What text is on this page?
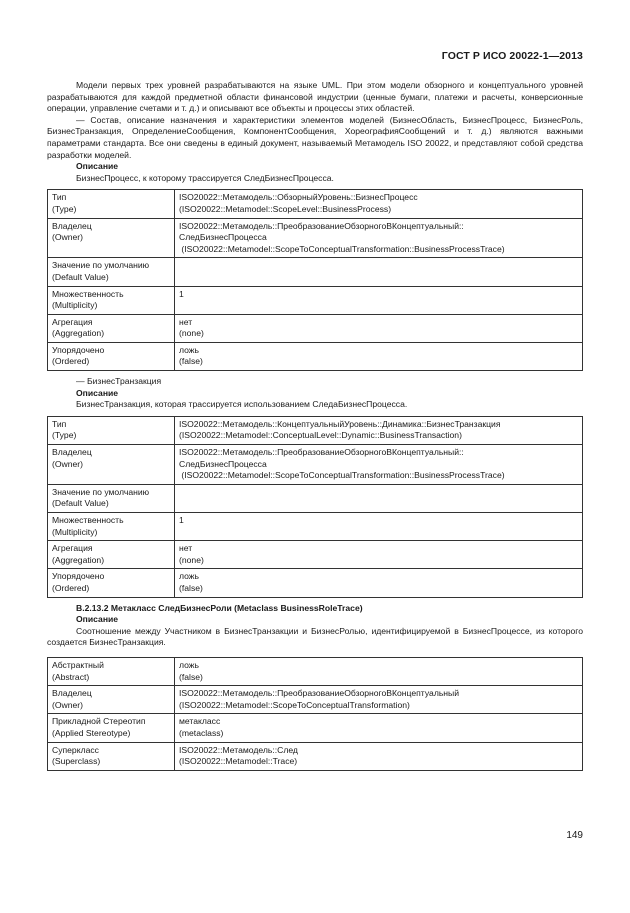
ГОСТ Р ИСО 20022-1—2013

Модели первых трех уровней разрабатываются на языке UML. При этом модели обзорного и концептуального уровней разрабатываются для каждой предметной области финансовой индустрии (ценные бумаги, платежи и расчеты, конверсионные операции, управление счетами и т. д.) и описывают все объекты и процессы этих областей.

— Состав, описание назначения и характеристики элементов моделей (БизнесОбласть, БизнесПроцесс, БизнесРоль, БизнесТранзакция, ОпределениеСообщения, КомпонентСообщения, ХореографияСообщений и т. д.) являются важными параметрами стандарта. Все они сведены в единый документ, называемый Метамодель ISO 20022, и представляют собой средства разработки моделей.

Описание

БизнесПроцесс, к которому трассируется СледБизнесПроцесса.

Тип
(Type)	ISO20022::Метамодель::ОбзорныйУровень::БизнесПроцесс
(ISO20022::Metamodel::ScopeLevel::BusinessProcess)

Владелец
(Owner)	ISO20022::Метамодель::ПреобразованиеОбзорногоВКонцептуальный::
СледБизнесПроцесса
(ISO20022::Metamodel::ScopeToConceptualTransformation::BusinessProcessTrace)

Значение по умолчанию
(Default Value)	

Множественность
(Multiplicity)	1

Агрегация
(Aggregation)	нет
(none)

Упорядочено
(Ordered)	ложь
(false)

— БизнесТранзакция

Описание

БизнесТранзакция, которая трассируется использованием СледаБизнесПроцесса.

Тип
(Type)	ISO20022::Метамодель::КонцептуальныйУровень::Динамика::БизнесТранзакция
(ISO20022::Metamodel::ConceptualLevel::Dynamic::BusinessTransaction)

Владелец
(Owner)	ISO20022::Метамодель::ПреобразованиеОбзорногоВКонцептуальный::
СледБизнесПроцесса
(ISO20022::Metamodel::ScopeToConceptualTransformation::BusinessProcessTrace)

Значение по умолчанию
(Default Value)	

Множественность
(Multiplicity)	1

Агрегация
(Aggregation)	нет
(none)

Упорядочено
(Ordered)	ложь
(false)

В.2.13.2 Метакласс СледБизнесРоли (Metaclass BusinessRoleTrace)

Описание

Соотношение между Участником в БизнесТранзакции и БизнесРолью, идентифицируемой в БизнесПроцессе, из которого создается БизнесТранзакция.

Абстрактный
(Abstract)	ложь
(false)

Владелец
(Owner)	ISO20022::Метамодель::ПреобразованиеОбзорногоВКонцептуальный
(ISO20022::Metamodel::ScopeToConceptualTransformation)

Прикладной Стереотип
(Applied Stereotype)	метакласс
(metaclass)

Суперкласс
(Superclass)	ISO20022::Метамодель::След
(ISO20022::Metamodel::Trace)
149
